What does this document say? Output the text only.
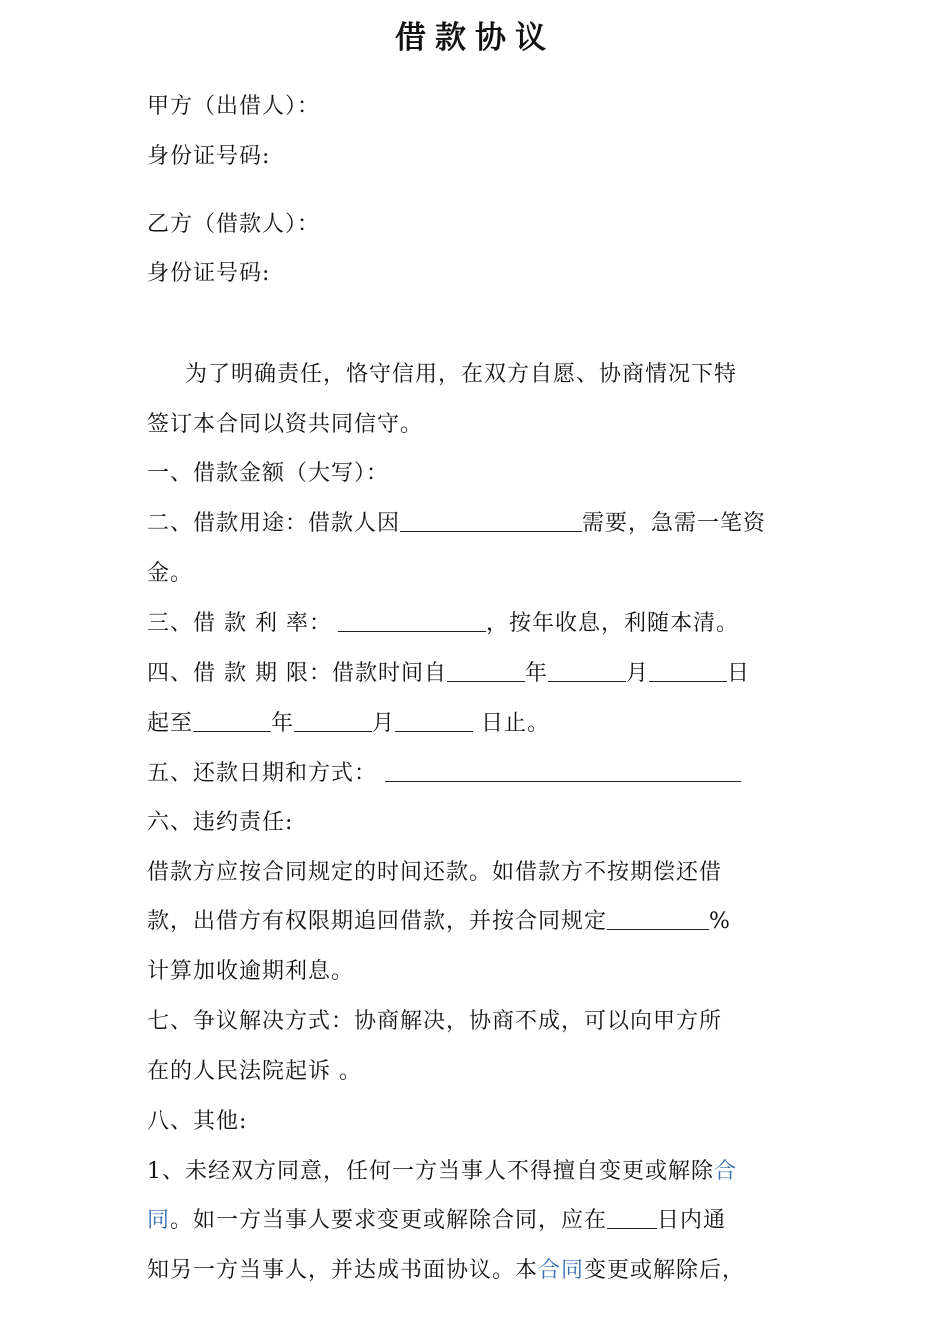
借款协议
甲方（出借人）：
身份证号码:
乙方（借款人）：
身份证号码:
为了明确责任，恪守信用，在双方自愿、协商情况下特
签订本合同以资共同信守。
一、借款金额（大写）：
二、借款用途：借款人因	需要，急需一笔资
金。
三、借 款 利 率：	，按年收息，利随本清。
四、借 款 期 限：借款时间自	年	月	日
起至	年	月	日止。
五、还款日期和方式：
六、违约责任:
借款方应按合同规定的时间还款。如借款方不按期偿还借
款，出借方有权限期追回借款，并按合同规定	%
计算加收逾期利息。
七、争议解决方式：协商解决，协商不成，可以向甲方所
在的人民法院起诉 。
八、其他:
1、未经双方同意，任何一方当事人不得擅自变更或解除合
同。如一方当事人要求变更或解除合同，应在 日内通
知另一方当事人，并达成书面协议。本合同变更或解除后，
